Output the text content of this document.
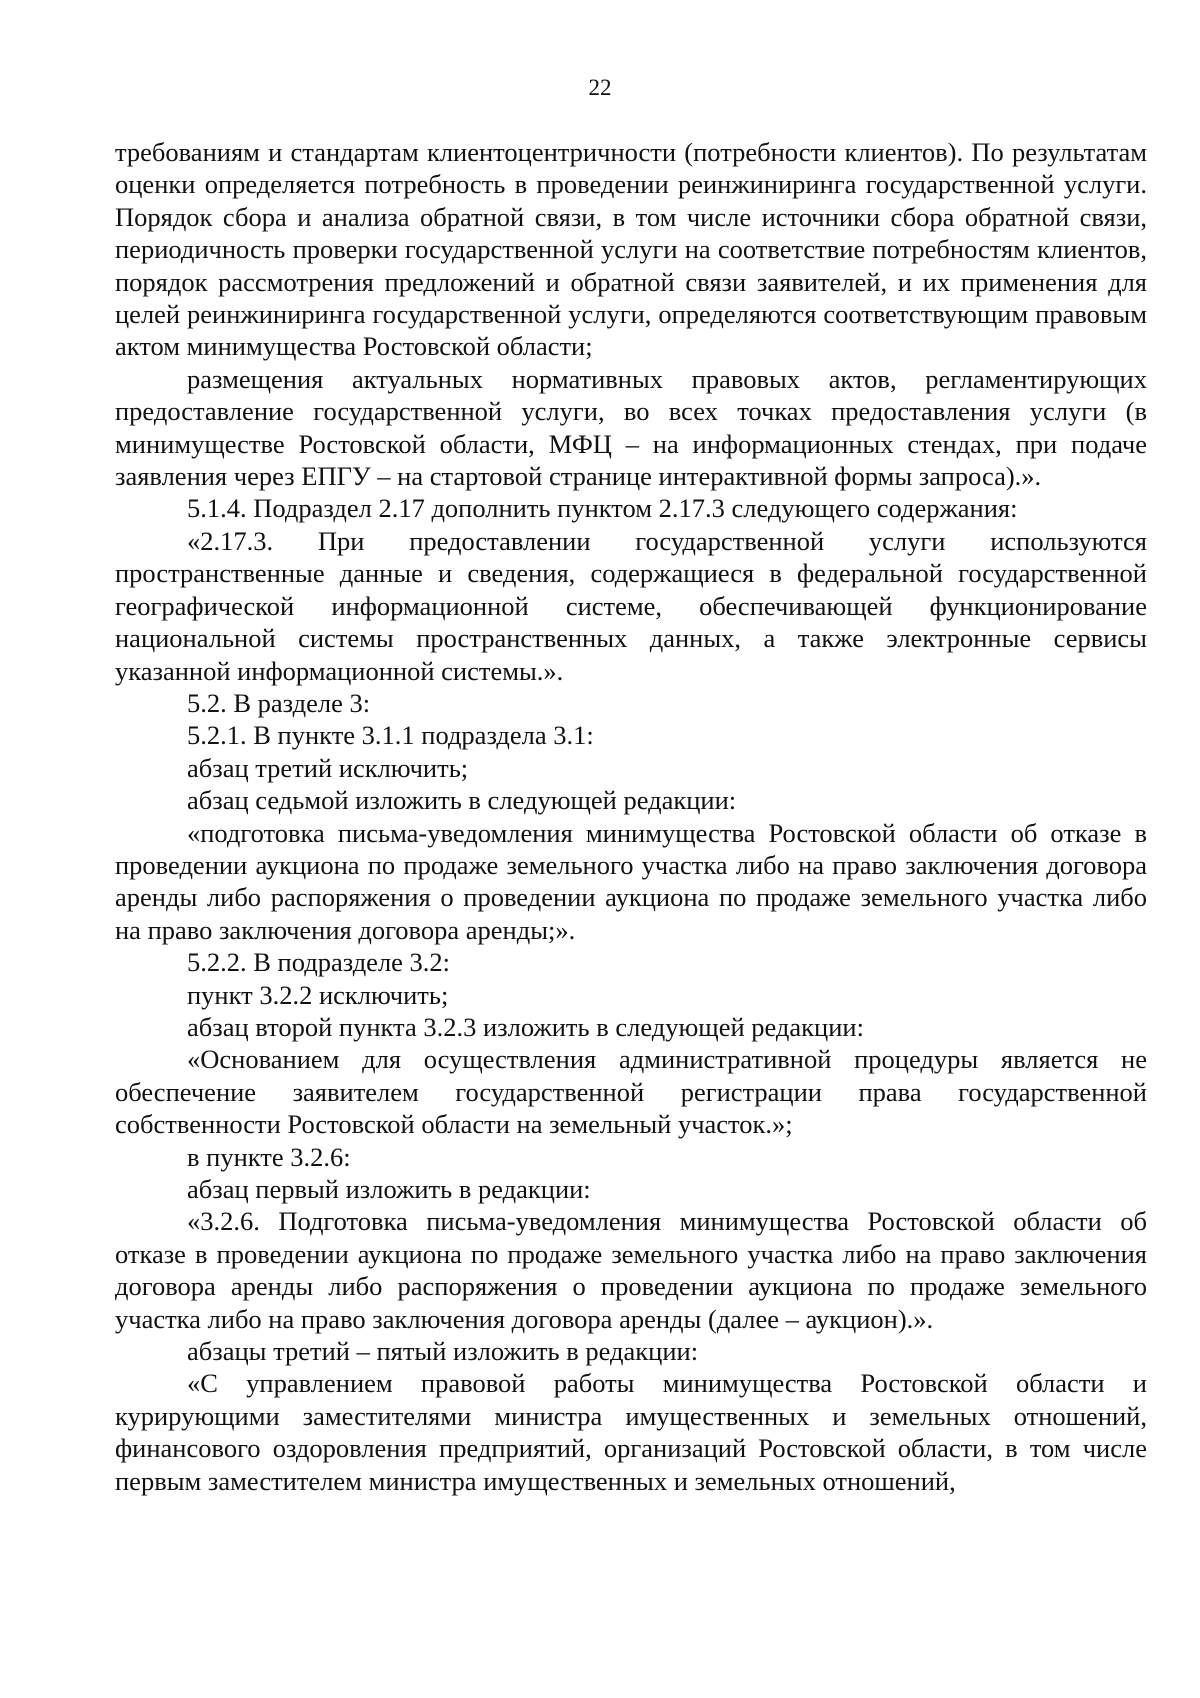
22

требованиям и стандартам клиентоцентричности (потребности клиентов). По результатам оценки определяется потребность в проведении реинжиниринга государственной услуги. Порядок сбора и анализа обратной связи, в том числе источники сбора обратной связи, периодичность проверки государственной услуги на соответствие потребностям клиентов, порядок рассмотрения предложений и обратной связи заявителей, и их применения для целей реинжиниринга государственной услуги, определяются соответствующим правовым актом минимущества Ростовской области;

размещения актуальных нормативных правовых актов, регламентирующих предоставление государственной услуги, во всех точках предоставления услуги (в минимуществе Ростовской области, МФЦ – на информационных стендах, при подаче заявления через ЕПГУ – на стартовой странице интерактивной формы запроса).».

5.1.4. Подраздел 2.17 дополнить пунктом 2.17.3 следующего содержания:

«2.17.3. При предоставлении государственной услуги используются пространственные данные и сведения, содержащиеся в федеральной государственной географической информационной системе, обеспечивающей функционирование национальной системы пространственных данных, а также электронные сервисы указанной информационной системы.».

5.2. В разделе 3:

5.2.1. В пункте 3.1.1 подраздела 3.1:

абзац третий исключить;

абзац седьмой изложить в следующей редакции:

«подготовка письма-уведомления минимущества Ростовской области об отказе в проведении аукциона по продаже земельного участка либо на право заключения договора аренды либо распоряжения о проведении аукциона по продаже земельного участка либо на право заключения договора аренды;».

5.2.2. В подразделе 3.2:

пункт 3.2.2 исключить;

абзац второй пункта 3.2.3 изложить в следующей редакции:

«Основанием для осуществления административной процедуры является не обеспечение заявителем государственной регистрации права государственной собственности Ростовской области на земельный участок.»;

в пункте 3.2.6:

абзац первый изложить в редакции:

«3.2.6. Подготовка письма-уведомления минимущества Ростовской области об отказе в проведении аукциона по продаже земельного участка либо на право заключения договора аренды либо распоряжения о проведении аукциона по продаже земельного участка либо на право заключения договора аренды (далее – аукцион).».

абзацы третий – пятый изложить в редакции:

«С управлением правовой работы минимущества Ростовской области и курирующими заместителями министра имущественных и земельных отношений, финансового оздоровления предприятий, организаций Ростовской области, в том числе первым заместителем министра имущественных и земельных отношений,
